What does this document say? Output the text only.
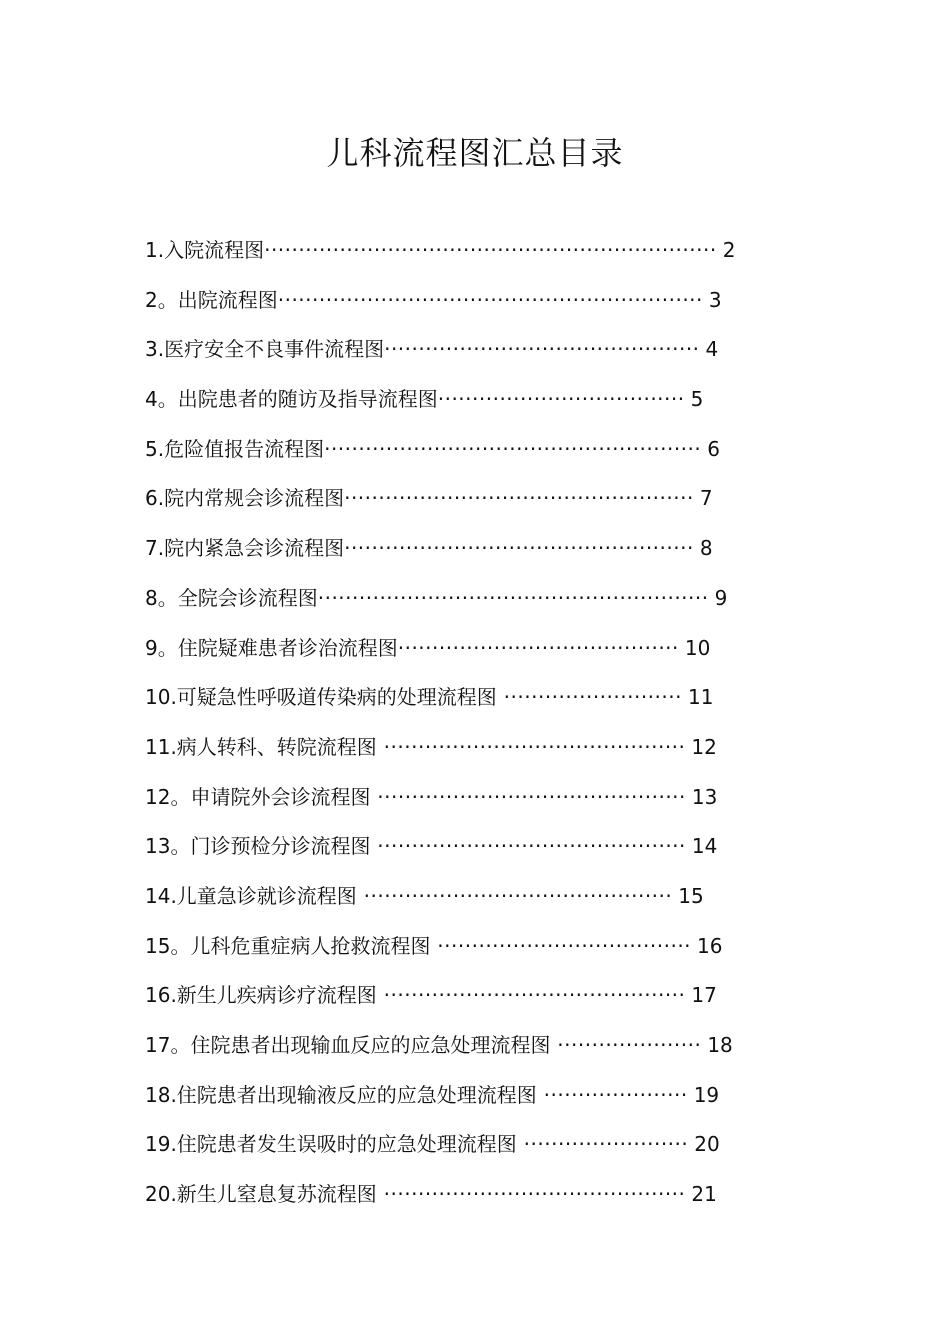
儿科流程图汇总目录
1.入院流程图·································································· 2
2。出院流程图······························································ 3
3.医疗安全不良事件流程图·············································· 4
4。出院患者的随访及指导流程图···································· 5
5.危险值报告流程图······················································· 6
6.院内常规会诊流程图··················································· 7
7.院内紧急会诊流程图··················································· 8
8。全院会诊流程图························································· 9
9。住院疑难患者诊治流程图········································· 10
10.可疑急性呼吸道传染病的处理流程图 ·························· 11
11.病人转科、转院流程图 ············································ 12
12。申请院外会诊流程图 ············································· 13
13。门诊预检分诊流程图 ············································· 14
14.儿童急诊就诊流程图 ············································· 15
15。儿科危重症病人抢救流程图 ····································· 16
16.新生儿疾病诊疗流程图 ············································ 17
17。住院患者出现输血反应的应急处理流程图 ····················· 18
18.住院患者出现输液反应的应急处理流程图 ····················· 19
19.住院患者发生误吸时的应急处理流程图 ························ 20
20.新生儿窒息复苏流程图 ············································ 21
